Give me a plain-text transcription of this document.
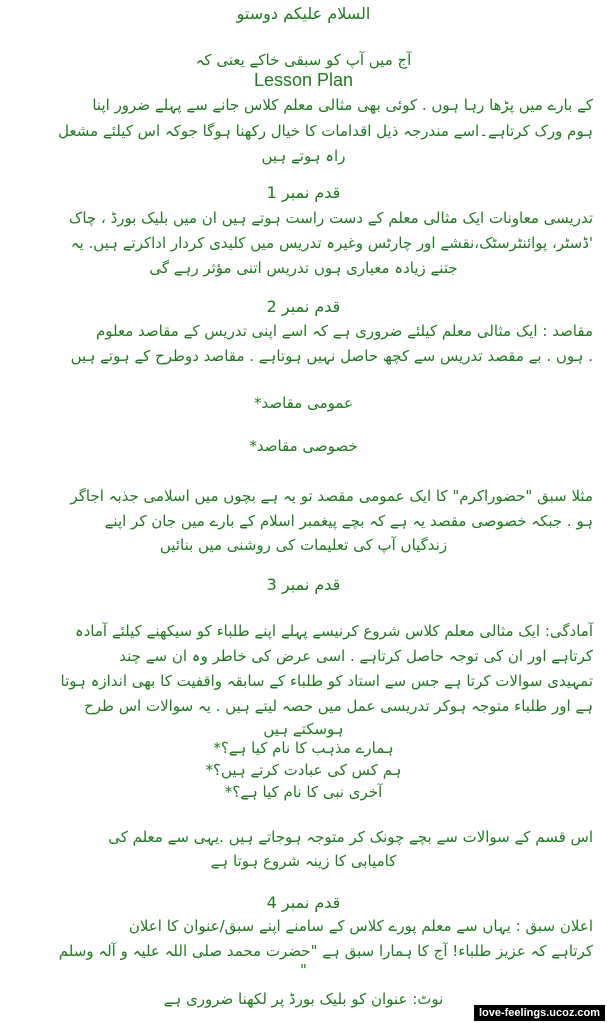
السلام علیکم دوستو
آج میں آپ کو سبقی خاکے یعنی کہ
Lesson Plan
کے بارے میں پڑھا رہا ہوں . کوئی بھی مثالی معلم کلاس جانے سے پہلے ضرور اپنا
ہوم ورک کرتاہے۔اسے مندرجہ ذیل اقدامات کا خیال رکھنا ہوگا جوکہ اس کیلئے مشعل
راہ ہوتے ہیں
قدم نمبر 1
تدریسی معاونات ایک مثالی معلم کے دست راست ہوتے ہیں ان میں بلیک بورڈ ، چاک
'ڈسٹر، پوائنٹرسٹک،نقشے اور چارٹس وغیرہ تدریس میں کلیدی کردار اداکرتے ہیں. یہ
جتنے زیادہ معیاری ہوں تدریس اتنی مؤثر رہے گی
قدم نمبر 2
مقاصد : ایک مثالی معلم کیلئے ضروری ہے کہ اسے اپنی تدریس کے مقاصد معلوم
. ہوں . بے مقصد تدریس سے کچھ حاصل نہیں ہوتاہے . مقاصد دوطرح کے ہوتے ہیں
عمومی مقاصد*
خصوصی مقاصد*
مثلا سبق "حضوراکرم" کا ایک عمومی مقصد تو یہ ہے بچوں میں اسلامی جذبہ اجاگر
ہو . جبکہ خصوصی مقصد یہ ہے کہ بچے پیغمبر اسلام کے بارے میں جان کر اپنے
زندگیاں آپ کی تعلیمات کی روشنی میں بنائیں
قدم نمبر 3
آمادگی: ایک مثالی معلم کلاس شروع کرنیسے پہلے اپنے طلباء کو سیکھنے کیلئے آمادہ
کرتاہے اور ان کی توجہ حاصل کرتاہے . اسی عرض کی خاطر وہ ان سے چند
تمہیدی سوالات کرتا ہے جس سے استاد کو طلباء کے سابقہ واقفیت کا بھی اندازہ ہوتا
ہے اور طلباء متوجہ ہوکر تدریسی عمل میں حصہ لیتے ہیں . یہ سوالات اس طرح
ہوسکتے ہیں
ہمارے مذہب کا نام کیا ہے؟*
ہم کس کی عبادت کرتے ہیں؟*
آخری نبی کا نام کیا ہے؟*
اس قسم کے سوالات سے بچے چونک کر متوجہ ہوجاتے ہیں .یہی سے معلم کی
کامیابی کا زینہ شروع ہوتا ہے
قدم نمبر 4
اعلان سبق : یہاں سے معلم پورے کلاس کے سامنے اپنے سبق/عنوان کا اعلان
کرتاہے کہ عزیز طلباء! آج کا ہمارا سبق ہے "حضرت محمد صلی اللہ علیہ و آلہ وسلم
"
نوٹ: عنوان کو بلیک بورڈ پر لکھنا ضروری ہے
love-feelings.ucoz.com
